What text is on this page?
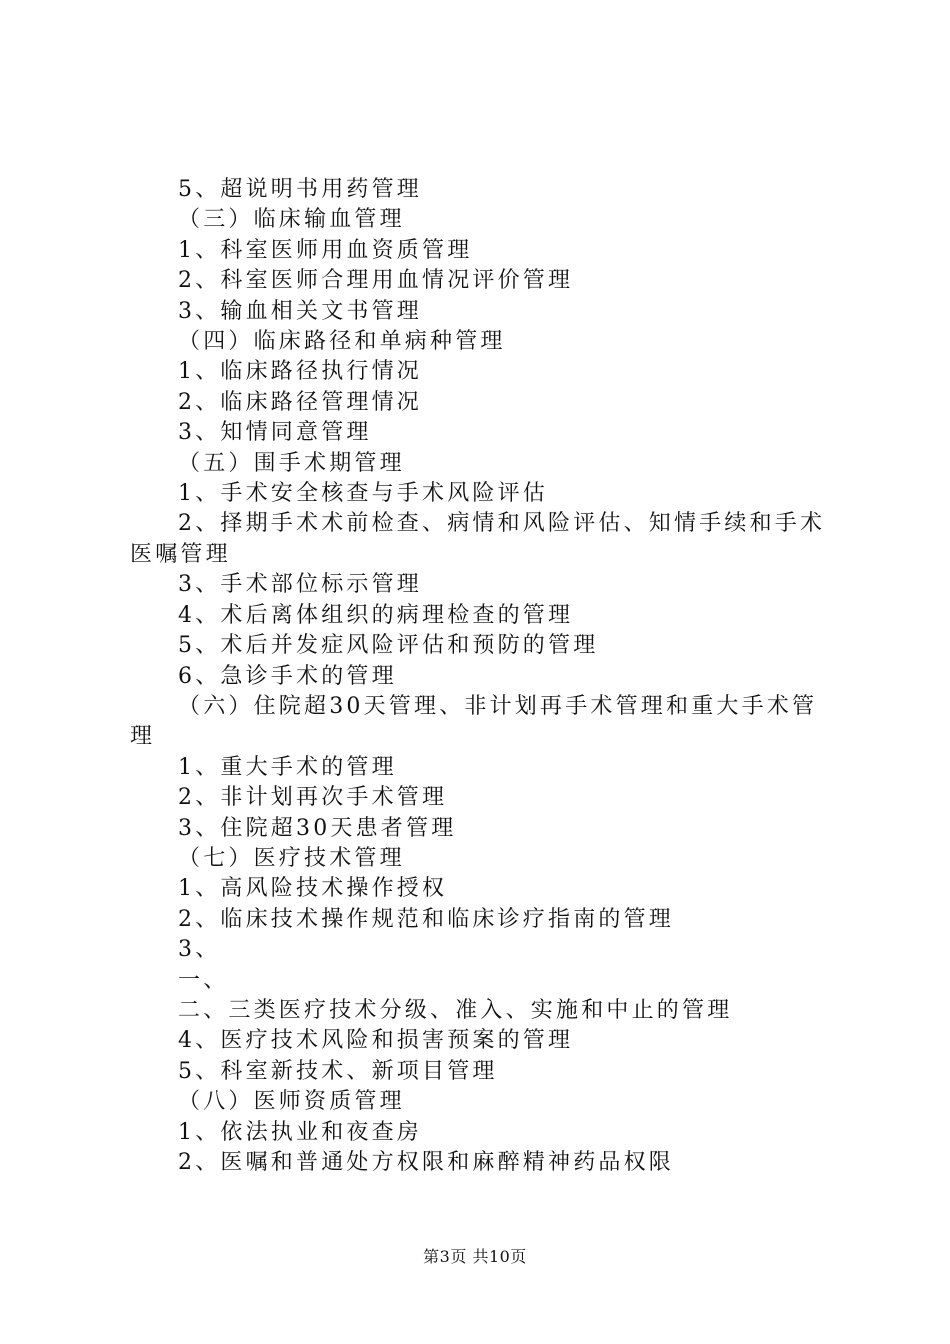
5、超说明书用药管理

（三）临床输血管理

1、科室医师用血资质管理

2、科室医师合理用血情况评价管理

3、输血相关文书管理

（四）临床路径和单病种管理

1、临床路径执行情况

2、临床路径管理情况

3、知情同意管理

（五）围手术期管理

1、手术安全核查与手术风险评估

2、择期手术术前检查、病情和风险评估、知情手续和手术医嘱管理

3、手术部位标示管理

4、术后离体组织的病理检查的管理

5、术后并发症风险评估和预防的管理

6、急诊手术的管理

（六）住院超30天管理、非计划再手术管理和重大手术管理

1、重大手术的管理

2、非计划再次手术管理

3、住院超30天患者管理

（七）医疗技术管理

1、高风险技术操作授权

2、临床技术操作规范和临床诊疗指南的管理

3、

一、

二、三类医疗技术分级、准入、实施和中止的管理

4、医疗技术风险和损害预案的管理

5、科室新技术、新项目管理

（八）医师资质管理

1、依法执业和夜查房

2、医嘱和普通处方权限和麻醉精神药品权限

第3页 共10页
